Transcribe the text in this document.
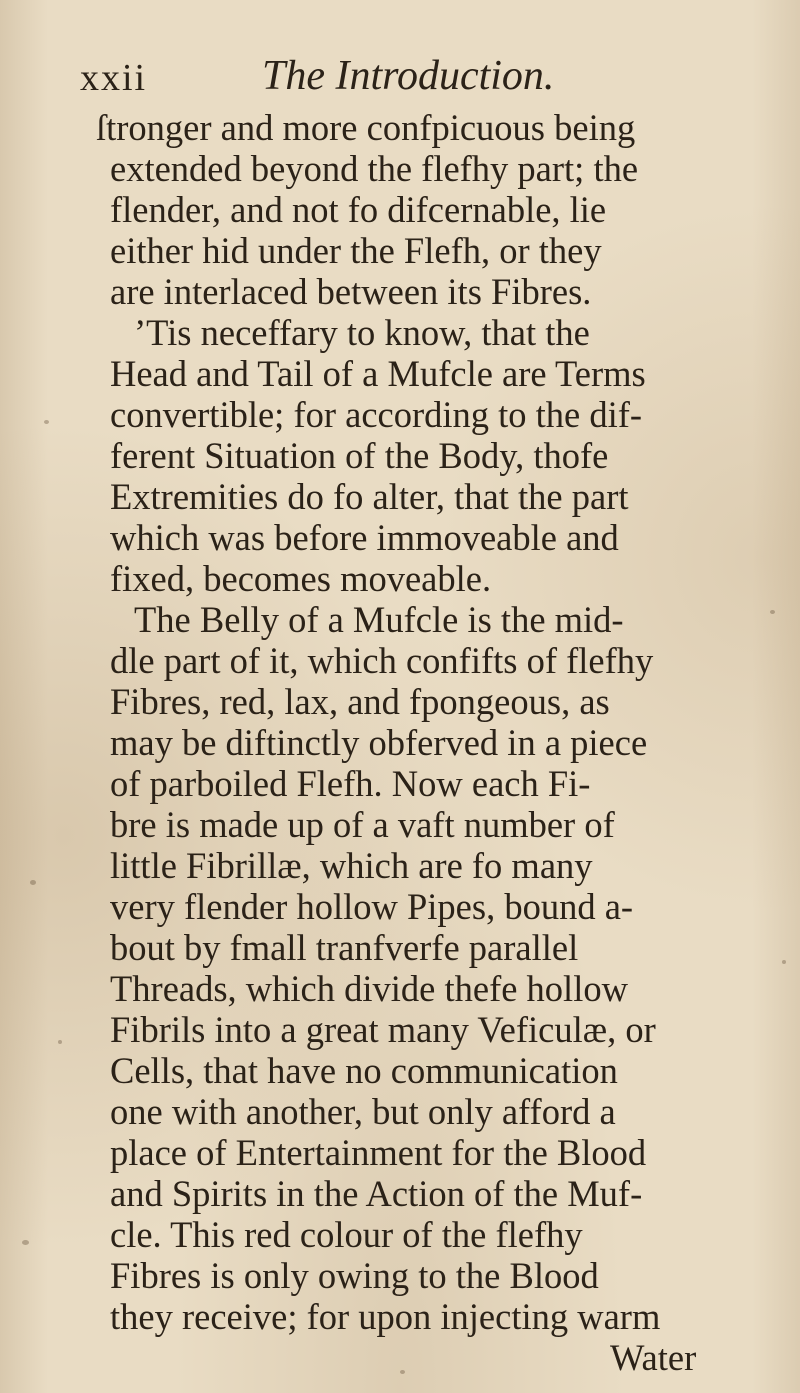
xxii	The Introduction.
ſtronger and more confpicuous being
extended beyond the flefhy part; the
flender, and not fo difcernable, lie
either hid under the Flefh, or they
are interlaced between its Fibres.
’Tis neceffary to know, that the
Head and Tail of a Mufcle are Terms
convertible; for according to the dif-
ferent Situation of the Body, thofe
Extremities do fo alter, that the part
which was before immoveable and
fixed, becomes moveable.
The Belly of a Mufcle is the mid-
dle part of it, which confifts of flefhy
Fibres, red, lax, and fpongeous, as
may be diftinctly obferved in a piece
of parboiled Flefh. Now each Fi-
bre is made up of a vaft number of
little Fibrillæ, which are fo many
very flender hollow Pipes, bound a-
bout by fmall tranfverfe parallel
Threads, which divide thefe hollow
Fibrils into a great many Veficulæ, or
Cells, that have no communication
one with another, but only afford a
place of Entertainment for the Blood
and Spirits in the Action of the Muf-
cle. This red colour of the flefhy
Fibres is only owing to the Blood
they receive; for upon injecting warm
Water
